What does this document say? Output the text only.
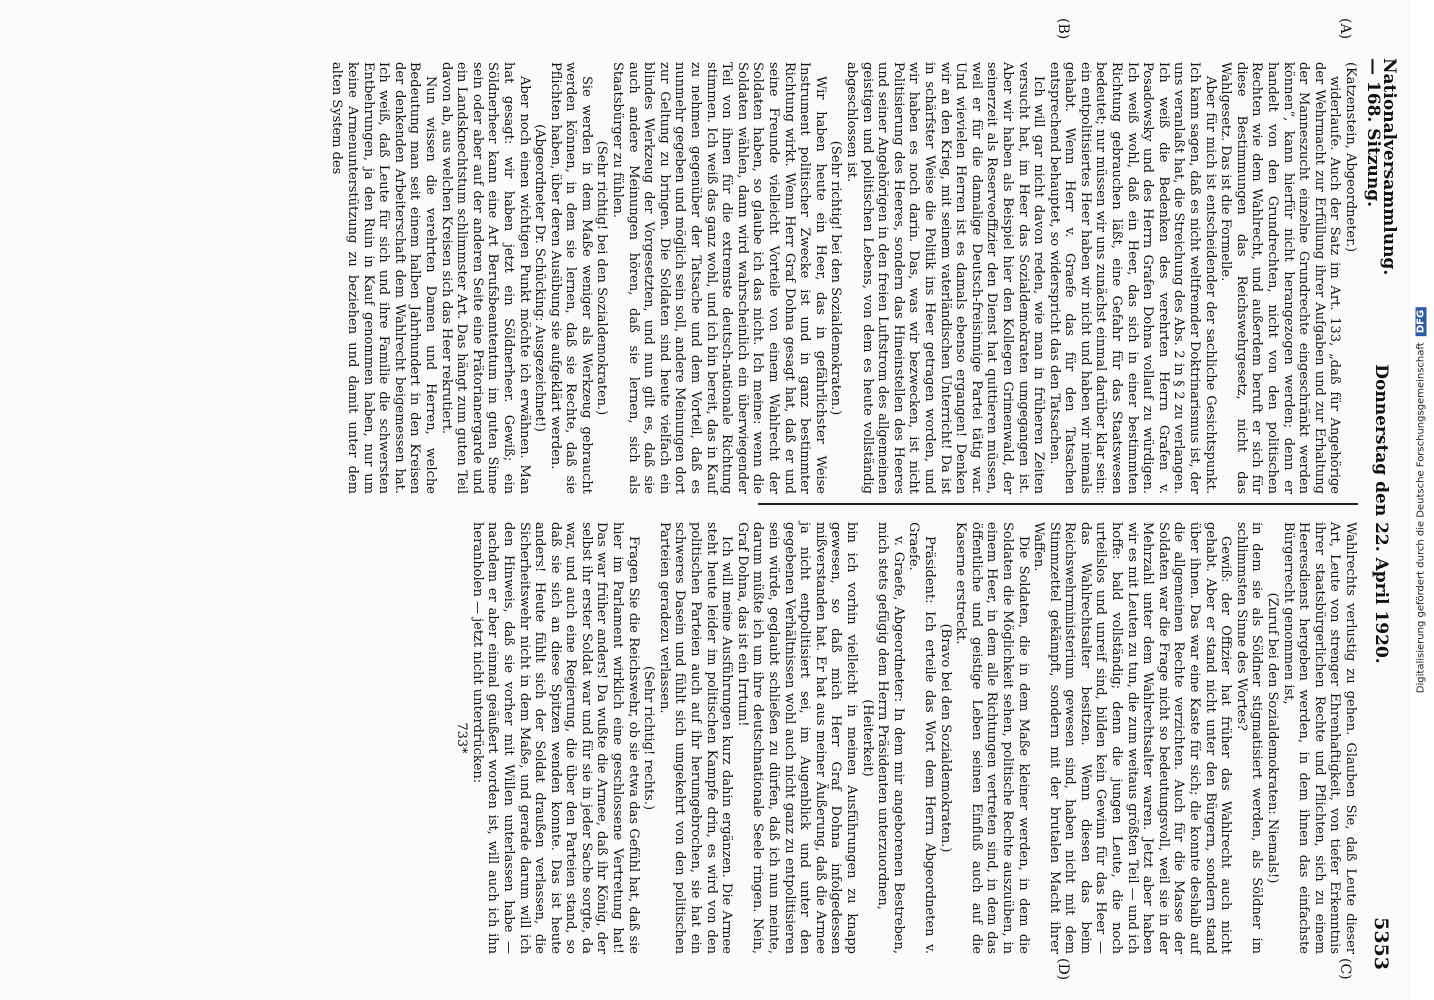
Nationalversammlung. — 168. Sitzung.
Donnerstag den 22. April 1920.
5353
(A)
(B)
(C)
(D)

(Katzenstein, Abgeordneter.)

widerlaufe. Auch der Satz im Art. 133, „daß für Angehörige der Wehrmacht zur Erfüllung ihrer Aufgaben und zur Erhaltung der Manneszucht einzelne Grundrechte eingeschränkt werden können“, kann hierfür nicht herangezogen werden; denn er handelt von den Grundrechten, nicht von den politischen Rechten wie dem Wahlrecht, und außerdem beruft er sich für diese Bestimmungen das Reichswehrgesetz, nicht das Wahlgesetz. Das ist die Formelle.

Aber für mich ist entscheidender der sachliche Gesichtspunkt. Ich kann sagen, daß es nicht weltfremder Doktrinarismus ist, der uns veranlaßt hat, die Streichung des Abs. 2 in § 2 zu verlangen. Ich weiß die Bedenken des verehrten Herrn Grafen v. Posadowsky und des Herrn Grafen Dohna vollauf zu würdigen. Ich weiß wohl, daß ein Heer, das sich in einer bestimmten Richtung gebrauchen läßt, eine Gefahr für das Staatswesen bedeutet; nur müssen wir uns zunächst einmal darüber klar sein: ein entpolitisiertes Heer haben wir nicht und haben wir niemals gehabt. Wenn Herr v. Graefe das für den Tatsachen entsprechend behauptet, so widerspricht das den Tatsachen.

Ich will gar nicht davon reden, wie man in früheren Zeiten versucht hat, im Heer das Sozialdemokraten umgegangen ist. Aber wir haben als Beispiel hier den Kollegen Grimenwald, der seinerzeit als Reserveoffizier den Dienst hat quittieren müssen, weil er für die damalige Deutsch-freisinnige Partei tätig war. Und wievielen Herren ist es damals ebenso ergangen! Denken wir an den Krieg, mit seinem vaterländischen Unterricht! Da ist in schärfster Weise die Politik ins Heer getragen worden, und wir haben es noch darin. Das, was wir bezwecken, ist nicht Politisierung des Heeres, sondern das Hineinstellen des Heeres und seiner Angehörigen in den freien Luftstrom des allgemeinen geistigen und politischen Lebens, von dem es heute vollständig abgeschlossen ist.

(Sehr richtig! bei den Sozialdemokraten.)

Wir haben heute ein Heer, das in gefährlichster Weise Instrument politischer Zwecke ist und in ganz bestimmter Richtung wirkt. Wenn Herr Graf Dohna gesagt hat, daß er und seine Freunde vielleicht Vorteile von einem Wahlrecht der Soldaten haben, so glaube ich das nicht. Ich meine: wenn die Soldaten wählen, dann wird wahrscheinlich ein überwiegender Teil von ihnen für die extremste deutsch-nationale Richtung stimmen. Ich weiß das ganz wohl, und ich bin bereit, das in Kauf zu nehmen gegenüber der Tatsache und dem Vorteil, daß es nunmehr gegeben und möglich sein soll, andere Meinungen dort zur Geltung zu bringen. Die Soldaten sind heute vielfach ein blindes Werkzeug der Vorgesetzten, und nun gilt es, daß sie auch andere Meinungen hören, daß sie lernen, sich als Staatsbürger zu fühlen.

(Sehr richtig! bei den Sozialdemokraten.)

Sie werden in dem Maße weniger als Werkzeug gebraucht werden können, in dem sie lernen, daß sie Rechte, daß sie Pflichten haben, über deren Ausübung sie aufgeklärt werden.

(Abgeordneter Dr. Schücking: Ausgezeichnet!)

Aber noch einen wichtigen Punkt möchte ich erwähnen. Man hat gesagt: wir haben jetzt ein Söldnerheer. Gewiß; ein Söldnerheer kann eine Art Berufsbeamtentum im guten Sinne sein oder aber auf der anderen Seite eine Prätorianergarde und ein Landsknechtstum schlimmster Art. Das hängt zum guten Teil davon ab, aus welchen Kreisen sich das Heer rekrutiert.

Nun wissen die verehrten Damen und Herren, welche Bedeutung man seit einem halben Jahrhundert in den Kreisen der denkenden Arbeiterschaft dem Wahlrecht beigemessen hat. Ich weiß, daß Leute für sich und ihre Familie die schwersten Entbehrungen, ja den Ruin in Kauf genommen haben, nur um keine Armenunterstützung zu beziehen und damit unter dem alten System des

Wahlrechts verlustig zu gehen. Glauben Sie, daß Leute dieser Art, Leute von strenger Ehrenhaftigkeit, von tiefer Erkenntnis ihrer staatsbürgerlichen Rechte und Pflichten, sich zu einem Heeresdienst hergeben werden, in dem ihnen das einfachste Bürgerrecht genommen ist,

(Zuruf bei den Sozialdemokraten: Niemals!)

in dem sie als Söldner stigmatisiert werden, als Söldner im schlimmsten Sinne des Wortes?

Gewiß: der Offizier hat früher das Wahlrecht auch nicht gehabt. Aber er stand nicht unter den Bürgern, sondern stand über ihnen. Das war eine Kaste für sich; die konnte deshalb auf die allgemeinen Rechte verzichten. Auch für die Masse der Soldaten war die Frage nicht so bedeutungsvoll, weil sie in der Mehrzahl unter dem Wahlrechtsalter waren. Jetzt aber haben wir es mit Leuten zu tun, die zum weitaus größten Teil — und ich hoffe: bald vollständig; denn die jungen Leute, die noch urteilslos und unreif sind, bilden kein Gewinn für das Heer — das Wahlrechtsalter besitzen. Wenn diesen das beim Reichswehrministerium gewesen sind, haben nicht mit dem Stimmzettel gekämpft, sondern mit der brutalen Macht ihrer Waffen.

Die Soldaten, die in dem Maße kleiner werden, in dem die Soldaten die Möglichkeit sehen, politische Rechte auszuüben, in einem Heer, in dem alle Richtungen vertreten sind, in dem das öffentliche und geistige Leben seinen Einfluß auch auf die Kaserne erstreckt.

(Bravo bei den Sozialdemokraten.)

Präsident: Ich erteile das Wort dem Herrn Abgeordneten v. Graefe.

v. Graefe, Abgeordneter: In dem mir angeborenen Bestreben, mich stets gefügig dem Herrn Präsidenten unterzuordnen,

(Heiterkeit)

bin ich vorhin vielleicht in meinen Ausführungen zu knapp gewesen, so daß mich Herr Graf Dohna infolgedessen mißverstanden hat. Er hat aus meiner Äußerung, daß die Armee ja nicht entpolitisiert sei, im Augenblick und unter den gegebenen Verhältnissen wohl auch nicht ganz zu entpolitisieren sein würde, geglaubt schließen zu dürfen, daß ich nun meinte, darum müßte ich um ihre deutschnationale Seele ringen. Nein, Graf Dohna, das ist ein Irrtum!

Ich will meine Ausführungen kurz dahin ergänzen. Die Armee steht heute leider im politischen Kampfe drin, es wird von den politischen Parteien auch auf ihr herumgebrochen, sie hat ein schweres Dasein und fühlt sich umgekehrt von den politischen Parteien geradezu verlassen.

(Sehr richtig! rechts.)

Fragen Sie die Reichswehr, ob sie etwa das Gefühl hat, daß sie hier im Parlament wirklich eine geschlossene Vertretung hat! Das war früher anders! Da wußte die Armee, daß ihr König, der selbst ihr erster Soldat war und für sie in jeder Sache sorgte, da war, und auch eine Regierung, die über den Parteien stand, so daß sie sich an diese Spitzen wenden konnte. Das ist heute anders! Heute fühlt sich der Soldat draußen verlassen, die Sicherheitswehr nicht in dem Maße, und gerade darum will ich den Hinweis, daß sie vorher mit Willen unterlassen habe — nachdem er aber einmal geäußert worden ist, will auch ich ihn heranholen — jetzt nicht unterdrücken:

733*

Digitalisierung gefördert durch die Deutsche Forschungsgemeinschaft DFG
